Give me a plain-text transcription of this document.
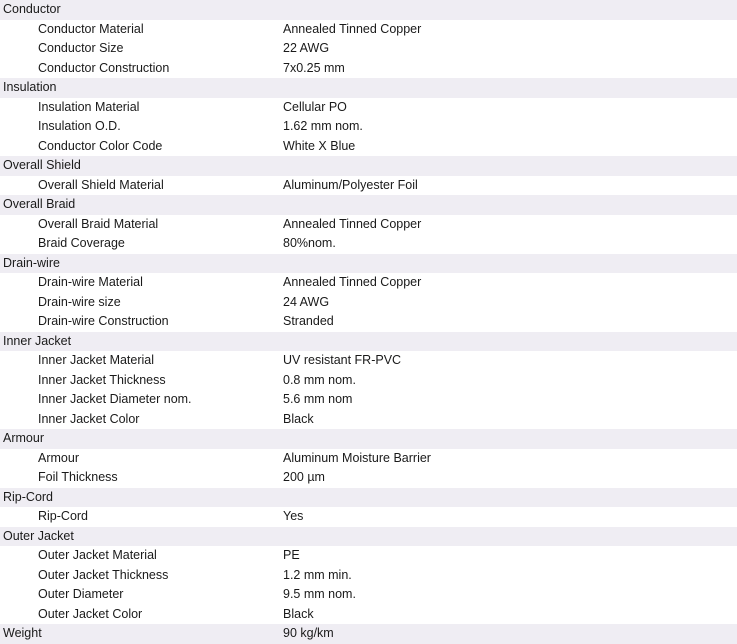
Conductor	
Conductor Material	Annealed Tinned Copper
Conductor Size	22 AWG
Conductor Construction	7x0.25 mm
Insulation	
Insulation Material	Cellular PO
Insulation O.D.	1.62 mm nom.
Conductor Color Code	White X Blue
Overall Shield	
Overall Shield Material	Aluminum/Polyester Foil
Overall Braid	
Overall Braid Material	Annealed Tinned Copper
Braid Coverage	80%nom.
Drain-wire	
Drain-wire Material	Annealed Tinned Copper
Drain-wire size	24 AWG
Drain-wire Construction	Stranded
Inner Jacket	
Inner Jacket Material	UV resistant FR-PVC
Inner Jacket Thickness	0.8 mm nom.
Inner Jacket Diameter nom.	5.6 mm nom
Inner Jacket Color	Black
Armour	
Armour	Aluminum Moisture Barrier
Foil Thickness	200 µm
Rip-Cord	
Rip-Cord	Yes
Outer Jacket	
Outer Jacket Material	PE
Outer Jacket Thickness	1.2 mm min.
Outer Diameter	9.5 mm nom.
Outer Jacket Color	Black
Weight	90 kg/km
